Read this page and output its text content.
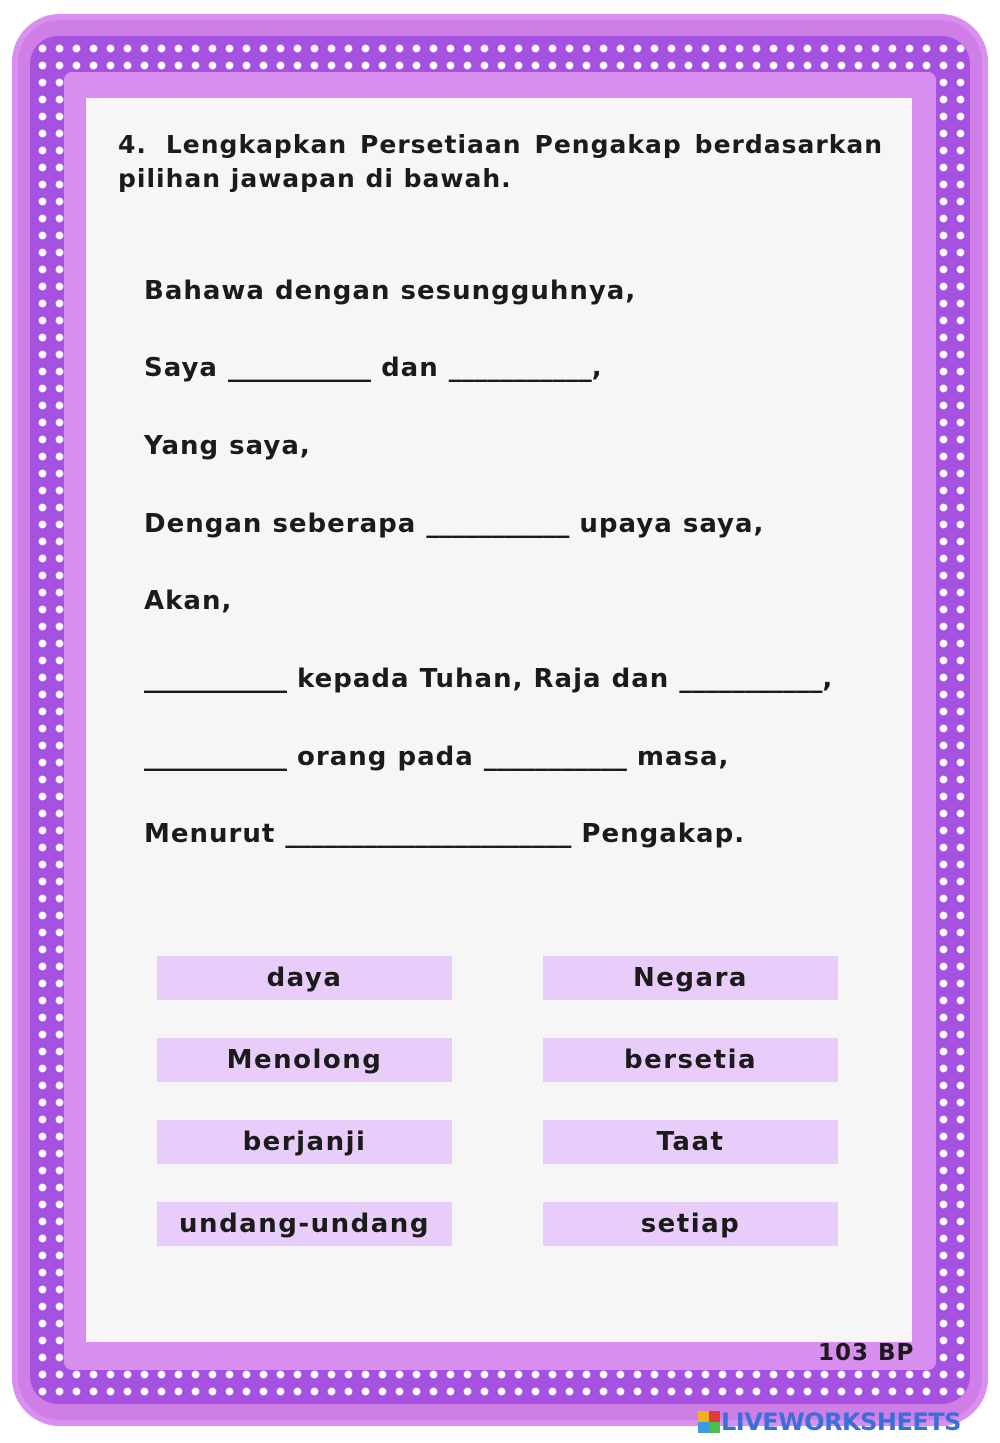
4. Lengkapkan Persetiaan Pengakap berdasarkan pilihan jawapan di bawah.
Bahawa dengan sesungguhnya,
Saya ___________ dan ___________,
Yang saya,
Dengan seberapa ___________ upaya saya,
Akan,
___________ kepada Tuhan, Raja dan ___________,
___________ orang pada ___________ masa,
Menurut ______________________ Pengakap.
daya	Negara
Menolong	bersetia
berjanji	Taat
undang-undang	setiap
103 BP
LIVEWORKSHEETS
